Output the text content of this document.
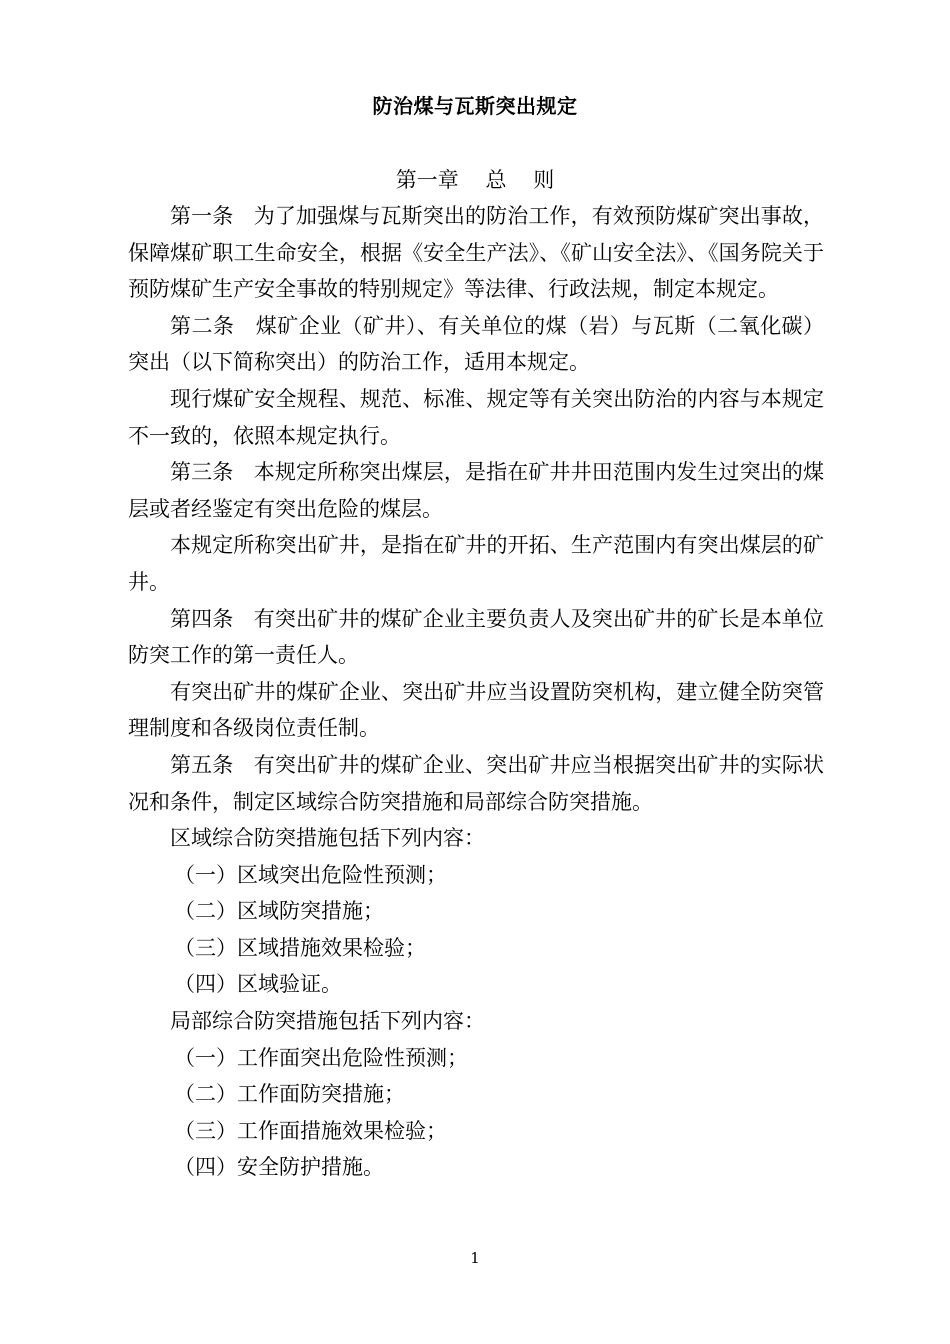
防治煤与瓦斯突出规定
第一章    总    则

第一条   为了加强煤与瓦斯突出的防治工作，有效预防煤矿突出事故，保障煤矿职工生命安全，根据《安全生产法》、《矿山安全法》、《国务院关于预防煤矿生产安全事故的特别规定》等法律、行政法规，制定本规定。

第二条   煤矿企业（矿井）、有关单位的煤（岩）与瓦斯（二氧化碳）突出（以下简称突出）的防治工作，适用本规定。

现行煤矿安全规程、规范、标准、规定等有关突出防治的内容与本规定不一致的，依照本规定执行。

第三条   本规定所称突出煤层，是指在矿井井田范围内发生过突出的煤层或者经鉴定有突出危险的煤层。

本规定所称突出矿井，是指在矿井的开拓、生产范围内有突出煤层的矿井。

第四条   有突出矿井的煤矿企业主要负责人及突出矿井的矿长是本单位防突工作的第一责任人。

有突出矿井的煤矿企业、突出矿井应当设置防突机构，建立健全防突管理制度和各级岗位责任制。

第五条   有突出矿井的煤矿企业、突出矿井应当根据突出矿井的实际状况和条件，制定区域综合防突措施和局部综合防突措施。

区域综合防突措施包括下列内容：

（一）区域突出危险性预测；

（二）区域防突措施；

（三）区域措施效果检验；

（四）区域验证。

局部综合防突措施包括下列内容：

（一）工作面突出危险性预测；

（二）工作面防突措施；

（三）工作面措施效果检验；

（四）安全防护措施。

1
